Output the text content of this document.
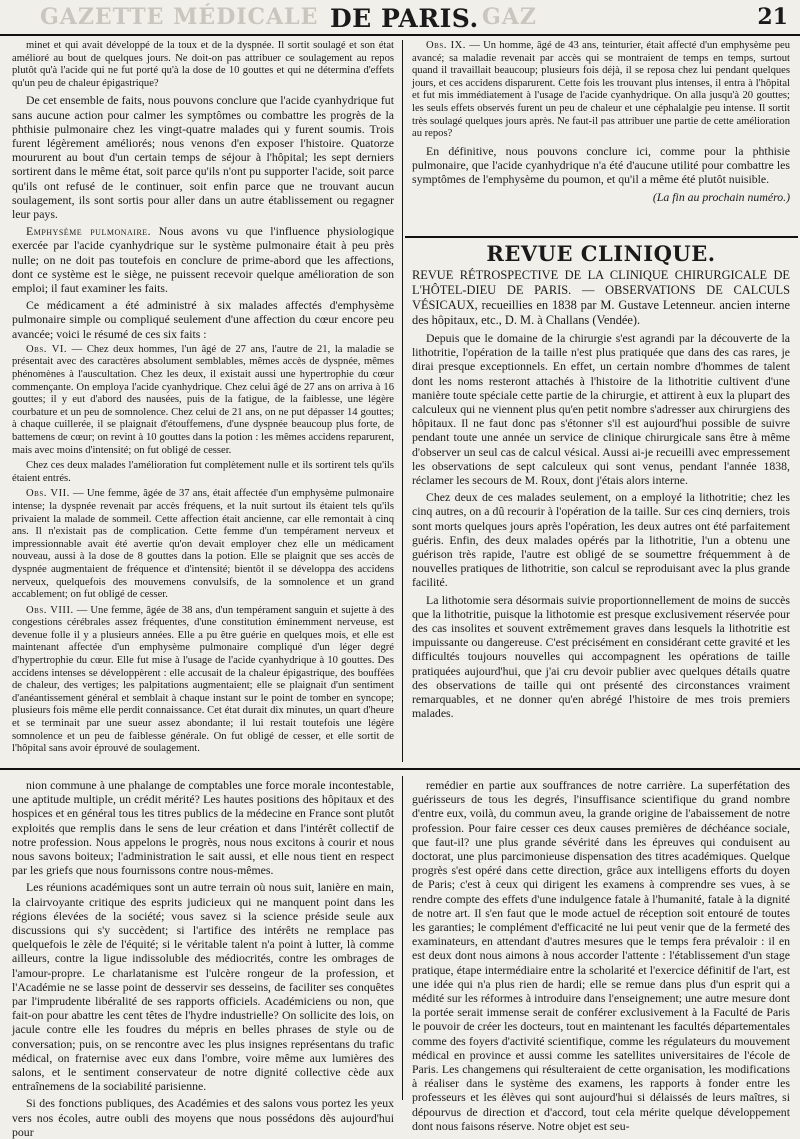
GAZETTE MÉDICALE DE PARIS. GAZ	21

minet et qui avait développé de la toux et de la dyspnée. Il sortit soulagé et son état amélioré au bout de quelques jours. Ne doit-on pas attribuer ce soulagement au repos plutôt qu'à l'acide qui ne fut porté qu'à la dose de 10 gouttes et qui ne détermina d'effets qu'un peu de chaleur épigastrique?

De cet ensemble de faits, nous pouvons conclure que l'acide cyanhydrique fut sans aucune action pour calmer les symptômes ou combattre les progrès de la phthisie pulmonaire chez les vingt-quatre malades qui y furent soumis. Trois furent légèrement améliorés; nous venons d'en exposer l'histoire. Quatorze moururent au bout d'un certain temps de séjour à l'hôpital; les sept derniers sortirent dans le même état, soit parce qu'ils n'ont pu supporter l'acide, soit parce qu'ils ont refusé de le continuer, soit enfin parce que ne trouvant aucun soulagement, ils sont sortis pour aller dans un autre établissement ou regagner leur pays.

Emphysème pulmonaire. Nous avons vu que l'influence physiologique exercée par l'acide cyanhydrique sur le système pulmonaire était à peu près nulle; on ne doit pas toutefois en conclure de prime-abord que les affections, dont ce système est le siège, ne puissent recevoir quelque amélioration de son emploi; il faut examiner les faits.

Ce médicament a été administré à six malades affectés d'emphysème pulmonaire simple ou compliqué seulement d'une affection du cœur encore peu avancée; voici le résumé de ces six faits :

Obs. VI. — Chez deux hommes, l'un âgé de 27 ans, l'autre de 21, la maladie se présentait avec des caractères absolument semblables, mêmes accès de dyspnée, mêmes phénomènes à l'auscultation. Chez les deux, il existait aussi une hypertrophie du cœur commençante. On employa l'acide cyanhydrique. Chez celui âgé de 27 ans on arriva à 16 gouttes; il y eut d'abord des nausées, puis de la fatigue, de la faiblesse, une légère courbature et un peu de somnolence. Chez celui de 21 ans, on ne put dépasser 14 gouttes; à chaque cuillerée, il se plaignait d'étouffemens, d'une dyspnée beaucoup plus forte, de battemens de cœur; on revint à 10 gouttes dans la potion : les mêmes accidens reparurent, mais avec moins d'intensité; on fut obligé de cesser.

Chez ces deux malades l'amélioration fut complètement nulle et ils sortirent tels qu'ils étaient entrés.

Obs. VII. — Une femme, âgée de 37 ans, était affectée d'un emphysème pulmonaire intense; la dyspnée revenait par accès fréquens, et la nuit surtout ils étaient tels qu'ils privaient la malade de sommeil. Cette affection était ancienne, car elle remontait à cinq ans. Il n'existait pas de complication. Cette femme d'un tempérament nerveux et impressionnable avait été avertie qu'on devait employer chez elle un médicament nouveau, aussi à la dose de 8 gouttes dans la potion. Elle se plaignit que ses accès de dyspnée augmentaient de fréquence et d'intensité; bientôt il se développa des accidens nerveux, quelquefois des mouvemens convulsifs, de la somnolence et un grand accablement; on fut obligé de cesser.

Obs. VIII. — Une femme, âgée de 38 ans, d'un tempérament sanguin et sujette à des congestions cérébrales assez fréquentes, d'une constitution éminemment nerveuse, est devenue folle il y a plusieurs années. Elle a pu être guérie en quelques mois, et elle est maintenant affectée d'un emphysème pulmonaire compliqué d'un léger degré d'hypertrophie du cœur. Elle fut mise à l'usage de l'acide cyanhydrique à 10 gouttes. Des accidens intenses se développèrent : elle accusait de la chaleur épigastrique, des bouffées de chaleur, des vertiges; les palpitations augmentaient; elle se plaignait d'un sentiment d'anéantissement général et semblait à chaque instant sur le point de tomber en syncope; plusieurs fois même elle perdit connaissance. Cet état durait dix minutes, un quart d'heure et se terminait par une sueur assez abondante; il lui restait toutefois une légère somnolence et un peu de faiblesse générale. On fut obligé de cesser, et elle sortit de l'hôpital sans avoir éprouvé de soulagement.

Obs. IX. — Un homme, âgé de 43 ans, teinturier, était affecté d'un emphysème peu avancé; sa maladie revenait par accès qui se montraient de temps en temps, surtout quand il travaillait beaucoup; plusieurs fois déjà, il se reposa chez lui pendant quelques jours, et ces accidens disparurent. Cette fois les trouvant plus intenses, il entra à l'hôpital et fut mis immédiatement à l'usage de l'acide cyanhydrique. On alla jusqu'à 20 gouttes; les seuls effets observés furent un peu de chaleur et une céphalalgie peu intense. Il sortit très soulagé quelques jours après. Ne faut-il pas attribuer une partie de cette amélioration au repos?

En définitive, nous pouvons conclure ici, comme pour la phthisie pulmonaire, que l'acide cyanhydrique n'a été d'aucune utilité pour combattre les symptômes de l'emphysème du poumon, et qu'il a même été plutôt nuisible.

(La fin au prochain numéro.)

REVUE CLINIQUE.

REVUE RÉTROSPECTIVE DE LA CLINIQUE CHIRURGICALE DE L'HÔTEL-DIEU DE PARIS. — OBSERVATIONS DE CALCULS VÉSICAUX, recueillies en 1838 par M. Gustave Letenneur. ancien interne des hôpitaux, etc., D. M. à Challans (Vendée).

Depuis que le domaine de la chirurgie s'est agrandi par la découverte de la lithotritie, l'opération de la taille n'est plus pratiquée que dans des cas rares, je dirai presque exceptionnels. En effet, un certain nombre d'hommes de talent dont les noms resteront attachés à l'histoire de la lithotritie cultivent d'une manière toute spéciale cette partie de la chirurgie, et attirent à eux la plupart des calculeux qui ne viennent plus qu'en petit nombre s'adresser aux chirurgiens des hôpitaux. Il ne faut donc pas s'étonner s'il est aujourd'hui possible de suivre pendant toute une année un service de clinique chirurgicale sans être à même d'observer un seul cas de calcul vésical. Aussi ai-je recueilli avec empressement les observations de sept calculeux qui sont venus, pendant l'année 1838, réclamer les secours de M. Roux, dont j'étais alors interne.

Chez deux de ces malades seulement, on a employé la lithotritie; chez les cinq autres, on a dû recourir à l'opération de la taille. Sur ces cinq derniers, trois sont morts quelques jours après l'opération, les deux autres ont été parfaitement guéris. Enfin, des deux malades opérés par la lithotritie, l'un a obtenu une guérison très rapide, l'autre est obligé de se soumettre fréquemment à de nouvelles pratiques de lithotritie, son calcul se reproduisant avec la plus grande facilité.

La lithotomie sera désormais suivie proportionnellement de moins de succès que la lithotritie, puisque la lithotomie est presque exclusivement réservée pour des cas insolites et souvent extrêmement graves dans lesquels la lithotritie est impuissante ou dangereuse. C'est précisément en considérant cette gravité et les difficultés toujours nouvelles qui accompagnent les opérations de taille pratiquées aujourd'hui, que j'ai cru devoir publier avec quelques détails quatre des observations de taille qui ont présenté des circonstances vraiment remarquables, et ne donner qu'en abrégé l'histoire de mes trois premiers malades.

nion commune à une phalange de comptables une force morale incontestable, une aptitude multiple, un crédit mérité? Les hautes positions des hôpitaux et des hospices et en général tous les titres publics de la médecine en France sont plutôt exploités que remplis dans le sens de leur création et dans l'intérêt collectif de notre profession. Nous appelons le progrès, nous nous excitons à courir et nous nous savons boiteux; l'administration le sait aussi, et elle nous tient en respect par les griefs que nous fournissons contre nous-mêmes.

Les réunions académiques sont un autre terrain où nous suit, lanière en main, la clairvoyante critique des esprits judicieux qui ne manquent point dans les régions élevées de la société; vous savez si la science préside seule aux discussions qui s'y succèdent; si l'artifice des intérêts ne remplace pas quelquefois le zèle de l'équité; si le véritable talent n'a point à lutter, là comme ailleurs, contre la ligue indissoluble des médiocrités, contre les ombrages de l'amour-propre. Le charlatanisme est l'ulcère rongeur de la profession, et l'Académie ne se lasse point de desservir ses desseins, de faciliter ses conquêtes par l'imprudente libéralité de ses rapports officiels. Académiciens ou non, que fait-on pour abattre les cent têtes de l'hydre industrielle? On sollicite des lois, on jacule contre elle les foudres du mépris en belles phrases de style ou de conversation; puis, on se rencontre avec les plus insignes représentans du trafic médical, on fraternise avec eux dans l'ombre, voire même aux lumières des salons, et le sentiment conservateur de notre dignité collective cède aux entraînemens de la sociabilité parisienne.

Si des fonctions publiques, des Académies et des salons vous portez les yeux vers nos écoles, autre oubli des moyens que nous possédons dès aujourd'hui pour

remédier en partie aux souffrances de notre carrière. La superfétation des guérisseurs de tous les degrés, l'insuffisance scientifique du grand nombre d'entre eux, voilà, du commun aveu, la grande origine de l'abaissement de notre profession. Pour faire cesser ces deux causes premières de déchéance sociale, que faut-il? une plus grande sévérité dans les épreuves qui conduisent au doctorat, une plus parcimonieuse dispensation des titres académiques. Quelque progrès s'est opéré dans cette direction, grâce aux intelligens efforts du doyen de Paris; c'est à ceux qui dirigent les examens à comprendre ses vues, à se rendre compte des effets d'une indulgence fatale à l'humanité, fatale à la dignité de notre art. Il s'en faut que le mode actuel de réception soit entouré de toutes les garanties; le complément d'efficacité ne lui peut venir que de la fermeté des examinateurs, en attendant d'autres mesures que le temps fera prévaloir : il en est deux dont nous aimons à nous accorder l'attente : l'établissement d'un stage pratique, étape intermédiaire entre la scholarité et l'exercice définitif de l'art, est une idée qui n'a plus rien de hardi; elle se remue dans plus d'un esprit qui a médité sur les réformes à introduire dans l'enseignement; une autre mesure dont la portée serait immense serait de conférer exclusivement à la Faculté de Paris le pouvoir de créer les docteurs, tout en maintenant les facultés départementales comme des foyers d'activité scientifique, comme les régulateurs du mouvement médical en province et aussi comme les satellites universitaires de l'école de Paris. Les changemens qui résulteraient de cette organisation, les modifications à réaliser dans le système des examens, les rapports à fonder entre les professeurs et les élèves qui sont aujourd'hui si délaissés de leurs maîtres, si dépourvus de direction et d'accord, tout cela mérite quelque développement dont nous faisons réserve. Notre objet est seu-
